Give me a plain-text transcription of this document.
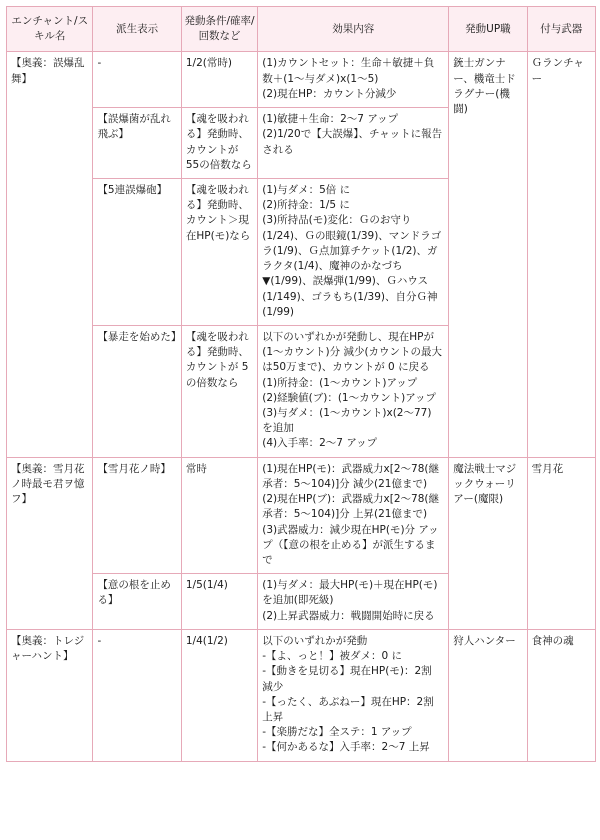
エンチャント/スキル名	派生表示	発動条件/確率/回数など	効果内容	発動UP職	付与武器
【奥義：誤爆乱舞】	-	1/2(常時)	(1)カウントセット：生命＋敏捷＋負数＋(1〜与ダメ)x(1〜5)
(2)現在HP：カウント分減少	銃士ガンナー、機竜士ドラグナー(機闘)	Ｇランチャー
	【誤爆菌が乱れ飛ぶ】	【魂を吸われる】発動時、カウントが 55の倍数なら	(1)敏捷＋生命：2〜7 アップ
(2)1/20で【大誤爆】、チャットに報告される		

	【5連誤爆砲】	【魂を吸われる】発動時、カウント＞現在HP(モ)なら	(1)与ダメ：5倍 に
(2)所持金：1/5 に
(3)所持品(モ)変化：Ｇのお守り(1/24)、Ｇの眼鏡(1/39)、マンドラゴラ(1/9)、Ｇ点加算チケット(1/2)、ガラクタ(1/4)、魔神のかなづち▼(1/99)、誤爆弾(1/99)、Ｇハウス(1/149)、ゴラもち(1/39)、自分Ｇ神(1/99)		

	【暴走を始めた】	【魂を吸われる】発動時、カウントが 5の倍数なら	以下のいずれかが発動し、現在HPが(1〜カウント)分 減少(カウントの最大は50万まで)、カウントが 0 に戻る
(1)所持金：(1〜カウント)アップ
(2)経験値(ブ)：(1〜カウント)アップ
(3)与ダメ：(1〜カウント)x(2〜77) を追加
(4)入手率：2〜7 アップ		

【奥義：雪月花ノ時最モ君ヲ憶フ】	【雪月花ノ時】	常時	(1)現在HP(モ)：武器威力x[2〜78(継承者：5〜104)]分 減少(21億まで)
(2)現在HP(ブ)：武器威力x[2〜78(継承者：5〜104)]分 上昇(21億まで)
(3)武器威力：減少現在HP(モ)分 アップ（【意の根を止める】が派生するまで	魔法戦士マジックウォーリアー(魔限)	雪月花
	【意の根を止める】	1/5(1/4)	(1)与ダメ：最大HP(モ)＋現在HP(モ) を追加(即死級)
(2)上昇武器威力：戦闘開始時に戻る		

【奥義：トレジャーハント】	-	1/4(1/2)	以下のいずれかが発動
-【よ、っと！】被ダメ：0 に
-【動きを見切る】現在HP(モ)：2割 減少
-【ったく、あぶねー】現在HP：2割 上昇
-【楽勝だな】全ステ：1 アップ
-【何かあるな】入手率：2〜7 上昇
	狩人ハンター	食神の魂
